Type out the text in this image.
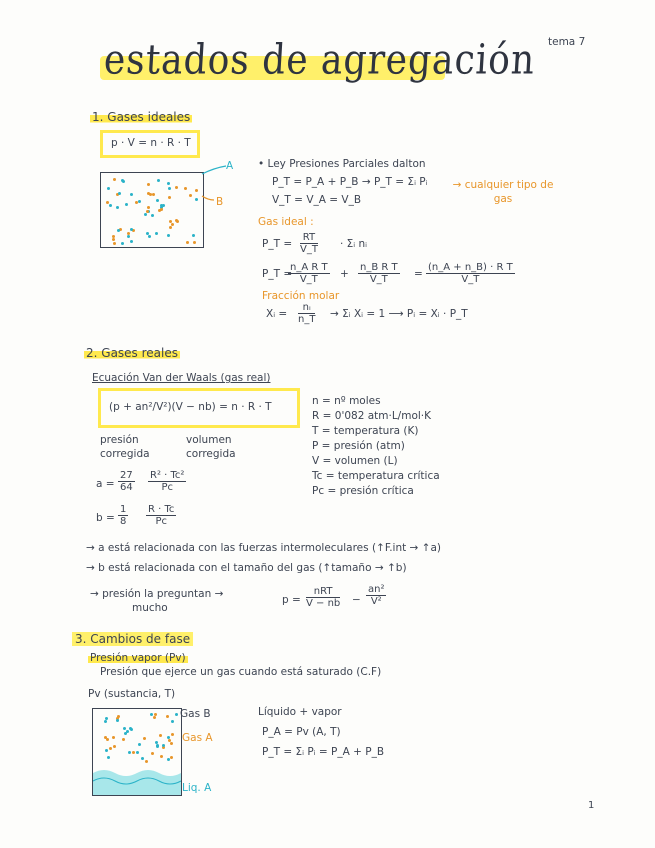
estados de agregación tema 7
1. Gases ideales
p · V = n · R · T
A
B
• Ley Presiones Parciales dalton
P_T = P_A + P_B → P_T = Σᵢ Pᵢ
V_T = V_A = V_B
→ cualquier tipo de gas
Gas ideal :
P_T = $\frac{RT}{V\_T}$ · Σᵢ nᵢ
P_T =
$\frac{\text{n\_A R T}}{V\_T} + \frac{\text{n\_B R T}}{V\_T} = \frac{\text{(n\_A + n\_B) · R T}}{V\_T}$
Fracción molar
Xᵢ = $\frac{\text{nᵢ}}{n\_T}$ → Σᵢ Xᵢ = 1 ⟶ Pᵢ = Xᵢ · P_T
2. Gases reales
Ecuación Van der Waals (gas real)
(p + an²/V²)(V − nb) = n · R · T
presión
corregida
volumen
corregida
$a = \frac{27}{64} \frac{\text{R² · Tc²}}{Pc}$
$b = \frac{1}{8} \frac{R \cdot Tc}{Pc}$
n = nº moles
R = 0'082 atm·L/mol·K
T = temperatura (K)
P = presión (atm)
V = volumen (L)
Tc = temperatura crítica
Pc = presión crítica
→ a está relacionada con las fuerzas intermoleculares (↑F.int → ↑a)
→ b está relacionada con el tamaño del gas (↑tamaño → ↑b)
→ presión la preguntan →
mucho
p =
nRT
V − nb − $\frac{\text{an²}}{\text{V²}}$
3. Cambios de fase
Presión vapor (Pv)
Presión que ejerce un gas cuando está saturado (C.F)
Pv (sustancia, T)
Gas B
Gas A
Liq. A
Líquido + vapor
P_A = Pv (A, T)
P_T = Σᵢ Pᵢ = P_A + P_B
1
